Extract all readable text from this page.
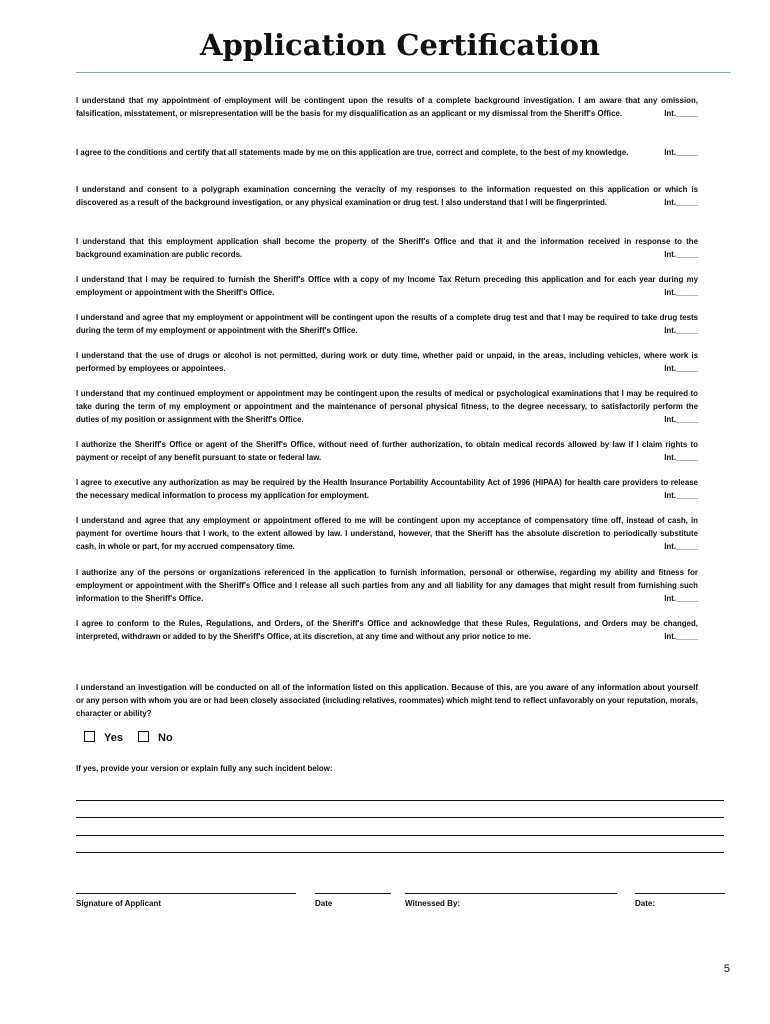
Application Certification

I understand that my appointment of employment will be contingent upon the results of a complete background investigation. I am aware that any omission, falsification, misstatement, or misrepresentation will be the basis for my disqualification as an applicant or my dismissal from the Sheriff's Office.	Int._____

I agree to the conditions and certify that all statements made by me on this application are true, correct and complete, to the best of my knowledge.	Int._____

I understand and consent to a polygraph examination concerning the veracity of my responses to the information requested on this application or which is discovered as a result of the background investigation, or any physical examination or drug test. I also understand that I will be fingerprinted.	Int._____

I understand that this employment application shall become the property of the Sheriff's Office and that it and the information received in response to the background examination are public records.	Int._____

I understand that I may be required to furnish the Sheriff's Office with a copy of my Income Tax Return preceding this application and for each year during my employment or appointment with the Sheriff's Office.	Int._____

I understand and agree that my employment or appointment will be contingent upon the results of a complete drug test and that I may be required to take drug tests during the term of my employment or appointment with the Sheriff's Office.	Int._____

I understand that the use of drugs or alcohol is not permitted, during work or duty time, whether paid or unpaid, in the areas, including vehicles, where work is performed by employees or appointees.	Int._____

I understand that my continued employment or appointment may be contingent upon the results of medical or psychological examinations that I may be required to take during the term of my employment or appointment and the maintenance of personal physical fitness, to the degree necessary, to satisfactorily perform the duties of my position or assignment with the Sheriff's Office.	Int._____

I authorize the Sheriff's Office or agent of the Sheriff's Office, without need of further authorization, to obtain medical records allowed by law if I claim rights to payment or receipt of any benefit pursuant to state or federal law.	Int._____

I agree to executive any authorization as may be required by the Health Insurance Portability Accountability Act of 1996 (HIPAA) for health care providers to release the necessary medical information to process my application for employment.	Int._____

I understand and agree that any employment or appointment offered to me will be contingent upon my acceptance of compensatory time off, instead of cash, in payment for overtime hours that I work, to the extent allowed by law. I understand, however, that the Sheriff has the absolute discretion to periodically substitute cash, in whole or part, for my accrued compensatory time.	Int._____

I authorize any of the persons or organizations referenced in the application to furnish information, personal or otherwise, regarding my ability and fitness for employment or appointment with the Sheriff's Office and I release all such parties from any and all liability for any damages that might result from furnishing such information to the Sheriff's Office.	Int._____

I agree to conform to the Rules, Regulations, and Orders, of the Sheriff's Office and acknowledge that these Rules, Regulations, and Orders may be changed, interpreted, withdrawn or added to by the Sheriff's Office, at its discretion, at any time and without any prior notice to me.	Int._____

I understand an investigation will be conducted on all of the information listed on this application. Because of this, are you aware of any information about yourself or any person with whom you are or had been closely associated (including relatives, roommates) which might tend to reflect unfavorably on your reputation, morals, character or ability?

Yes	No

If yes, provide your version or explain fully any such incident below:

Signature of Applicant	Date	Witnessed By:	Date:
5
